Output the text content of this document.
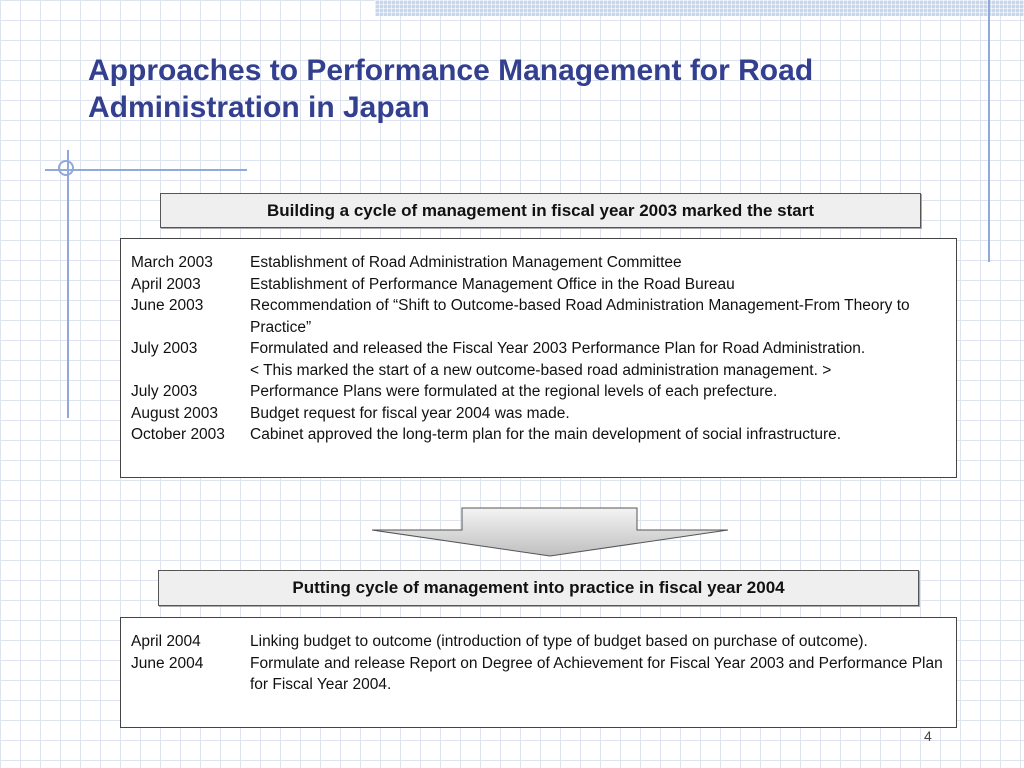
Approaches to Performance Management for Road Administration in Japan
Building a cycle of management in fiscal year 2003 marked the start
March 2003	Establishment of Road Administration Management Committee
April 2003	Establishment of Performance Management Office in the Road Bureau
June 2003	Recommendation of “Shift to Outcome-based Road Administration Management-From Theory to Practice”
July 2003	Formulated and released the Fiscal Year 2003 Performance Plan for Road Administration.
< This marked the start of a new outcome-based road administration management. >
July 2003	Performance Plans were formulated at the regional levels of each prefecture.
August 2003	Budget request for fiscal year 2004 was made.
October 2003	Cabinet approved the long-term plan for the main development of social infrastructure.
Putting cycle of management into practice in fiscal year 2004
April 2004	Linking budget to outcome (introduction of type of budget based on purchase of outcome).
June 2004	Formulate and release Report on Degree of Achievement for Fiscal Year 2003 and Performance Plan for Fiscal Year 2004.
4
